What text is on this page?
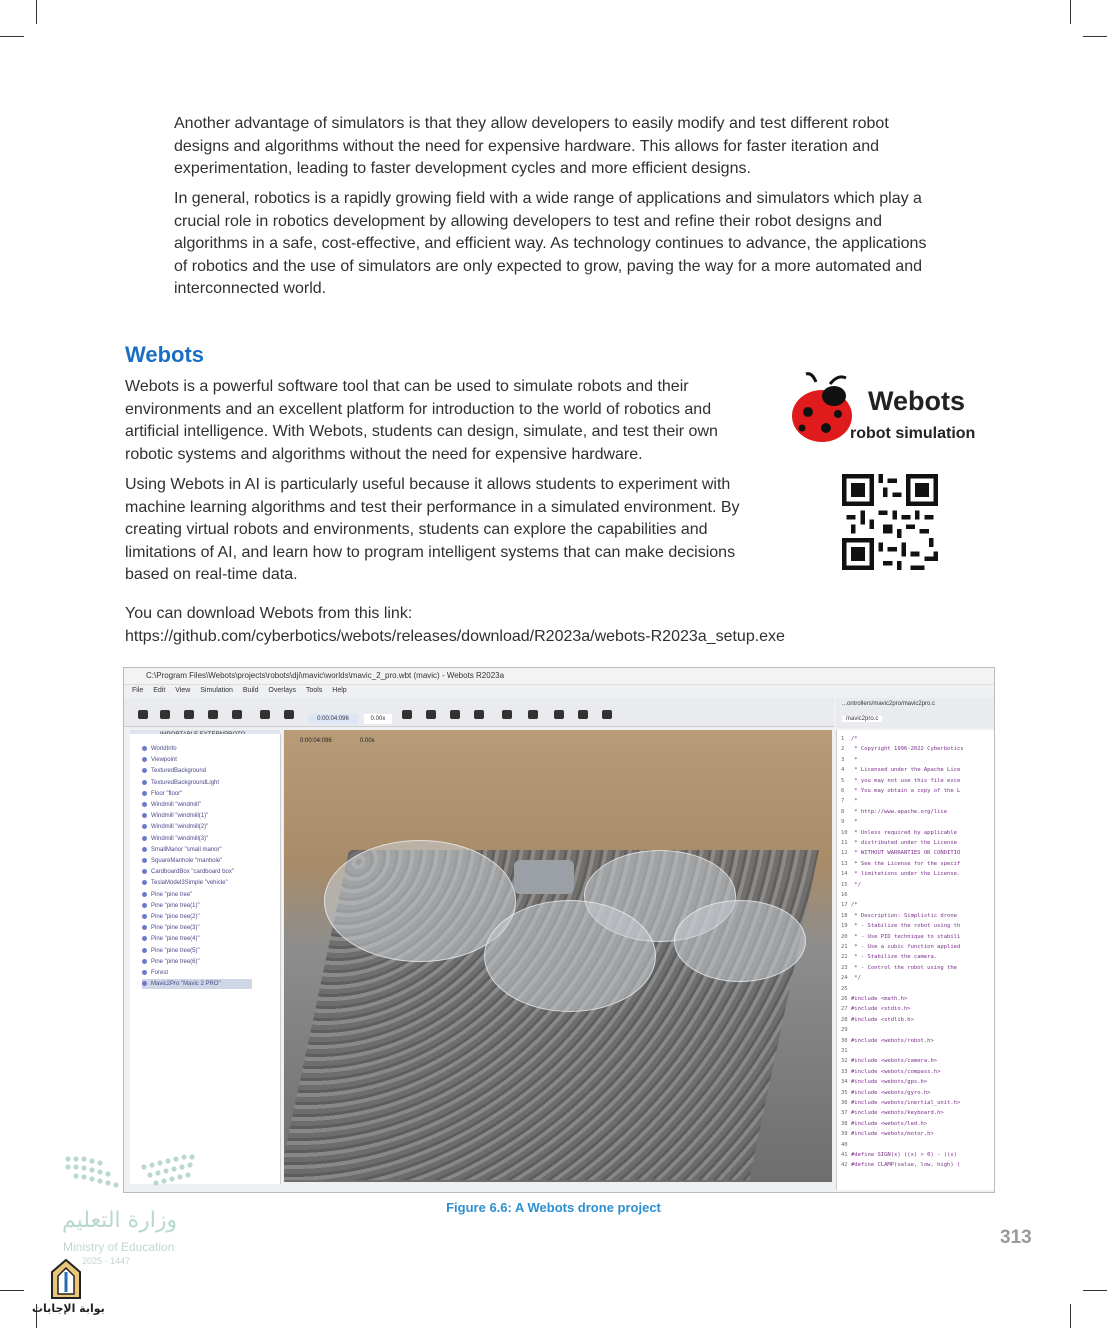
Another advantage of simulators is that they allow developers to easily modify and test different robot designs and algorithms without the need for expensive hardware. This allows for faster iteration and experimentation, leading to faster development cycles and more efficient designs.

In general, robotics is a rapidly growing field with a wide range of applications and simulators which play a crucial role in robotics development by allowing developers to test and refine their robot designs and algorithms in a safe, cost-effective, and efficient way. As technology continues to advance, the applications of robotics and the use of simulators are only expected to grow, paving the way for a more automated and interconnected world.

Webots

Webots is a powerful software tool that can be used to simulate robots and their environments and an excellent platform for introduction to the world of robotics and artificial intelligence. With Webots, students can design, simulate, and test their own robotic systems and algorithms without the need for expensive hardware.

Using Webots in AI is particularly useful because it allows students to experiment with machine learning algorithms and test their performance in a simulated environment. By creating virtual robots and environments, students can explore the capabilities and limitations of AI, and learn how to program intelligent systems that can make decisions based on real-time data.

You can download Webots from this link:
https://github.com/cyberbotics/webots/releases/download/R2023a/webots-R2023a_setup.exe
Webots
robot simulation
C:\Program Files\Webots\projects\robots\dji\mavic\worlds\mavic_2_pro.wbt (mavic) - Webots R2023a
File Edit View Simulation Build Overlays Tools Help
0:00:04:096	0.00x
WorldInfo
Viewpoint
TexturedBackground
TexturedBackgroundLight
Floor "floor"
Windmill "windmill"
Windmill "windmill(1)"
Windmill "windmill(2)"
Windmill "windmill(3)"
SmallManor "small manor"
SquareManhole "manhole"
CardboardBox "cardboard box"
TeslaModel3Simple "vehicle"
Pine "pine tree"
Pine "pine tree(1)"
Pine "pine tree(2)"
Pine "pine tree(3)"
Pine "pine tree(4)"
Pine "pine tree(5)"
Pine "pine tree(6)"
Forest
Mavic2Pro "Mavic 2 PRO"
0:00:04:096	0.00x
...ontrollers/mavic2pro/mavic2pro.c
mavic2pro.c
1 /*
2 * Copyright 1996-2022 Cyberbotics
3 *
4 * Licensed under the Apache Lice
5 * you may not use this file exce
6 * You may obtain a copy of the L
7 *
8 * http://www.apache.org/lice
9 *
10 * Unless required by applicable
11 * distributed under the License
12 * WITHOUT WARRANTIES OR CONDITIO
13 * See the License for the specif
14 * limitations under the License.
15 */
16
17 /*
18 * Description: Simplistic drone
19 * - Stabilize the robot using th
20 * - Use PID technique to stabili
21 * - Use a cubic function applied
22 * - Stabilize the camera.
23 * - Control the robot using the
24 */
25
26 #include <math.h>
27 #include <stdio.h>
28 #include <stdlib.h>
29
30 #include <webots/robot.h>
31
32 #include <webots/camera.h>
33 #include <webots/compass.h>
34 #include <webots/gps.h>
35 #include <webots/gyro.h>
36 #include <webots/inertial_unit.h>
37 #include <webots/keyboard.h>
38 #include <webots/led.h>
39 #include <webots/motor.h>
40
41 #define SIGN(x) ((x) > 0) - ((x)
42 #define CLAMP(value, low, high) (
Figure 6.6: A Webots drone project
وزارة التعليم
Ministry of Education
2025 - 1447
313
بوابة الإجابات
